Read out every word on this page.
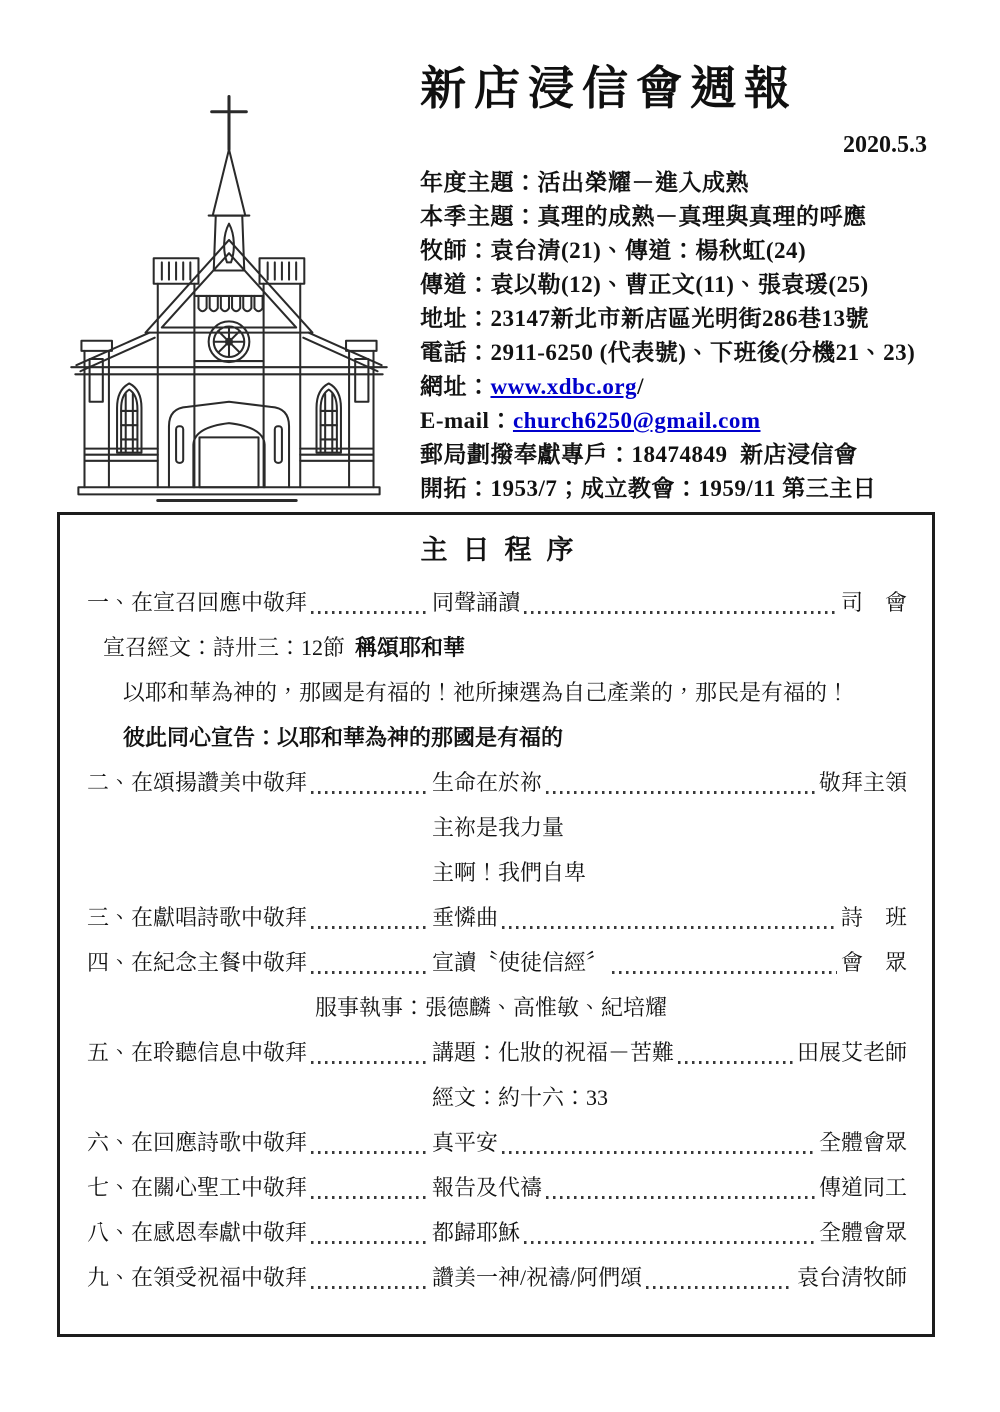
新店浸信會週報
2020.5.3
年度主題：活出榮耀－進入成熟
本季主題：真理的成熟－真理與真理的呼應
牧師：袁台清(21)、傳道：楊秋虹(24)
傳道：袁以勒(12)、曹正文(11)、張袁瑗(25)
地址：23147新北市新店區光明街286巷13號
電話：2911-6250 (代表號)、下班後(分機21、23)
網址：www.xdbc.org/
E-mail：church6250@gmail.com
郵局劃撥奉獻專戶：18474849  新店浸信會
開拓：1953/7；成立教會：1959/11 第三主日
主日程序
一、在宣召回應中敬拜	同聲誦讀	司　會
宣召經文：詩卅三：12節 稱頌耶和華
以耶和華為神的，那國是有福的！祂所揀選為自己產業的，那民是有福的！
彼此同心宣告：以耶和華為神的那國是有福的
二、在頌揚讚美中敬拜	生命在於祢	敬拜主領
主祢是我力量
主啊！我們自卑
三、在獻唱詩歌中敬拜	垂憐曲	詩　班
四、在紀念主餐中敬拜	宣讀〝使徒信經〞	會　眾
服事執事：張德麟、高惟敏、紀培耀
五、在聆聽信息中敬拜	講題：化妝的祝福－苦難	田展艾老師
經文：約十六：33
六、在回應詩歌中敬拜	真平安	全體會眾
七、在關心聖工中敬拜	報告及代禱	傳道同工
八、在感恩奉獻中敬拜	都歸耶穌	全體會眾
九、在領受祝福中敬拜	讚美一神/祝禱/阿們頌	袁台清牧師
